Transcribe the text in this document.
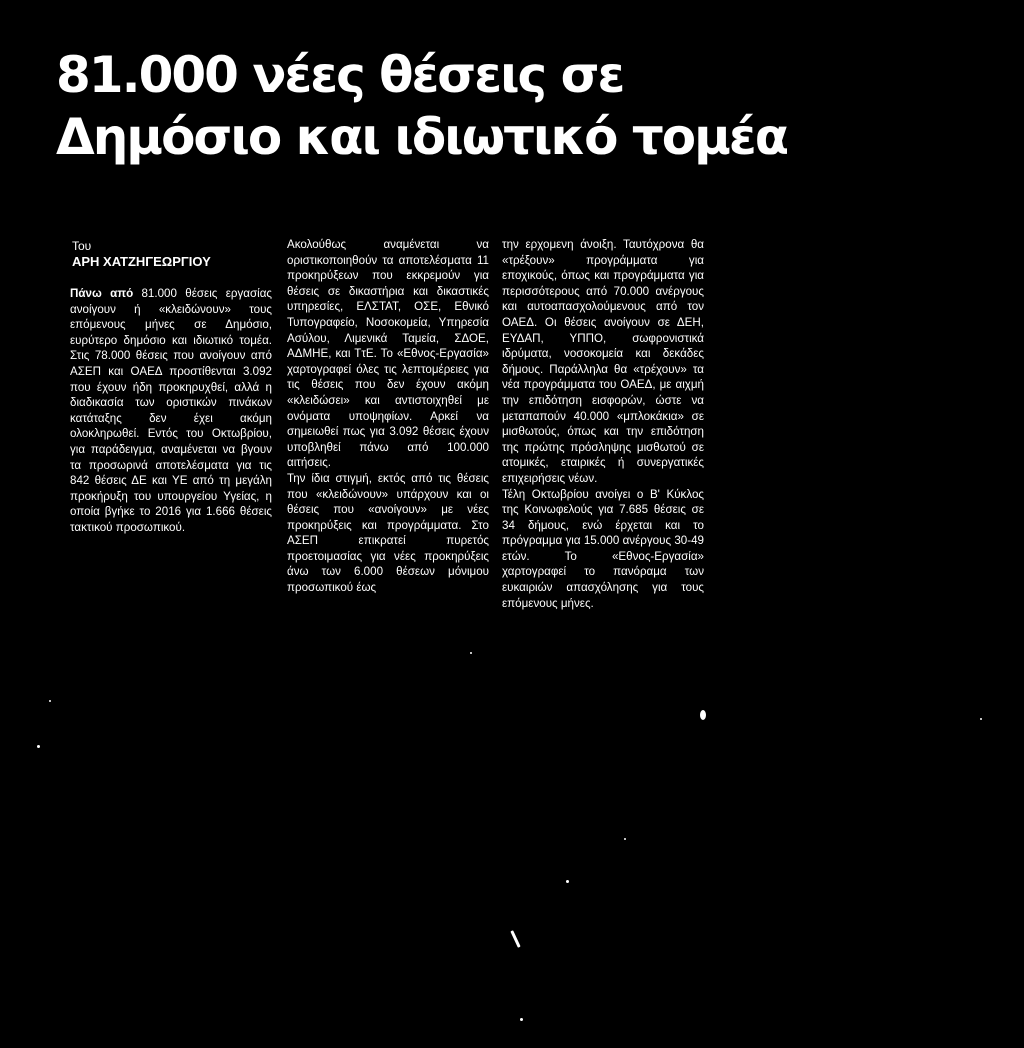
81.000 νέες θέσεις σε
Δημόσιο και ιδιωτικό τομέα
Του
ΑΡΗ ΧΑΤΖΗΓΕΩΡΓΙΟΥ

Πάνω από 81.000 θέσεις εργασίας ανοίγουν ή «κλειδώνουν» τους επόμενους μήνες σε Δημόσιο, ευρύτερο δημόσιο και ιδιωτικό τομέα. Στις 78.000 θέσεις που ανοίγουν από ΑΣΕΠ και ΟΑΕΔ προστίθενται 3.092 που έχουν ήδη προκηρυχθεί, αλλά η διαδικασία των οριστικών πινάκων κατάταξης δεν έχει ακόμη ολοκληρωθεί. Εντός του Οκτωβρίου, για παράδειγμα, αναμένεται να βγουν τα προσωρινά αποτελέσματα για τις 842 θέσεις ΔΕ και ΥΕ από τη μεγάλη προκήρυξη του υπουργείου Υγείας, η οποία βγήκε το 2016 για 1.666 θέσεις τακτικού προσωπικού.

Ακολούθως αναμένεται να οριστικοποιηθούν τα αποτελέσματα 11 προκηρύξεων που εκκρεμούν για θέσεις σε δικαστήρια και δικαστικές υπηρεσίες, ΕΛΣΤΑΤ, ΟΣΕ, Εθνικό Τυπογραφείο, Νοσοκομεία, Υπηρεσία Ασύλου, Λιμενικά Ταμεία, ΣΔΟΕ, ΑΔΜΗΕ, και ΤτΕ. Το «Εθνος-Εργασία» χαρτογραφεί όλες τις λεπτομέρειες για τις θέσεις που δεν έχουν ακόμη «κλειδώσει» και αντιστοιχηθεί με ονόματα υποψηφίων. Αρκεί να σημειωθεί πως για 3.092 θέσεις έχουν υποβληθεί πάνω από 100.000 αιτήσεις.

Την ίδια στιγμή, εκτός από τις θέσεις που «κλειδώνουν» υπάρχουν και οι θέσεις που «ανοίγουν» με νέες προκηρύξεις και προγράμματα. Στο ΑΣΕΠ επικρατεί πυρετός προετοιμασίας για νέες προκηρύξεις άνω των 6.000 θέσεων μόνιμου προσωπικού έως

την ερχομενη άνοιξη. Ταυτόχρονα θα «τρέξουν» προγράμματα για εποχικούς, όπως και προγράμματα για περισσότερους από 70.000 ανέργους και αυτοαπασχολούμενους από τον ΟΑΕΔ. Οι θέσεις ανοίγουν σε ΔΕΗ, ΕΥΔΑΠ, ΥΠΠΟ, σωφρονιστικά ιδρύματα, νοσοκομεία και δεκάδες δήμους. Παράλληλα θα «τρέχουν» τα νέα προγράμματα του ΟΑΕΔ, με αιχμή την επιδότηση εισφορών, ώστε να μεταπαπούν 40.000 «μπλοκάκια» σε μισθωτούς, όπως και την επιδότηση της πρώτης πρόσληψης μισθωτού σε ατομικές, εταιρικές ή συνεργατικές επιχειρήσεις νέων.

Τέλη Οκτωβρίου ανοίγει ο Β' Κύκλος της Κοινωφελούς για 7.685 θέσεις σε 34 δήμους, ενώ έρχεται και το πρόγραμμα για 15.000 ανέργους 30-49 ετών. Το «Εθνος-Εργασία» χαρτογραφεί το πανόραμα των ευκαιριών απασχόλησης για τους επόμενους μήνες.
